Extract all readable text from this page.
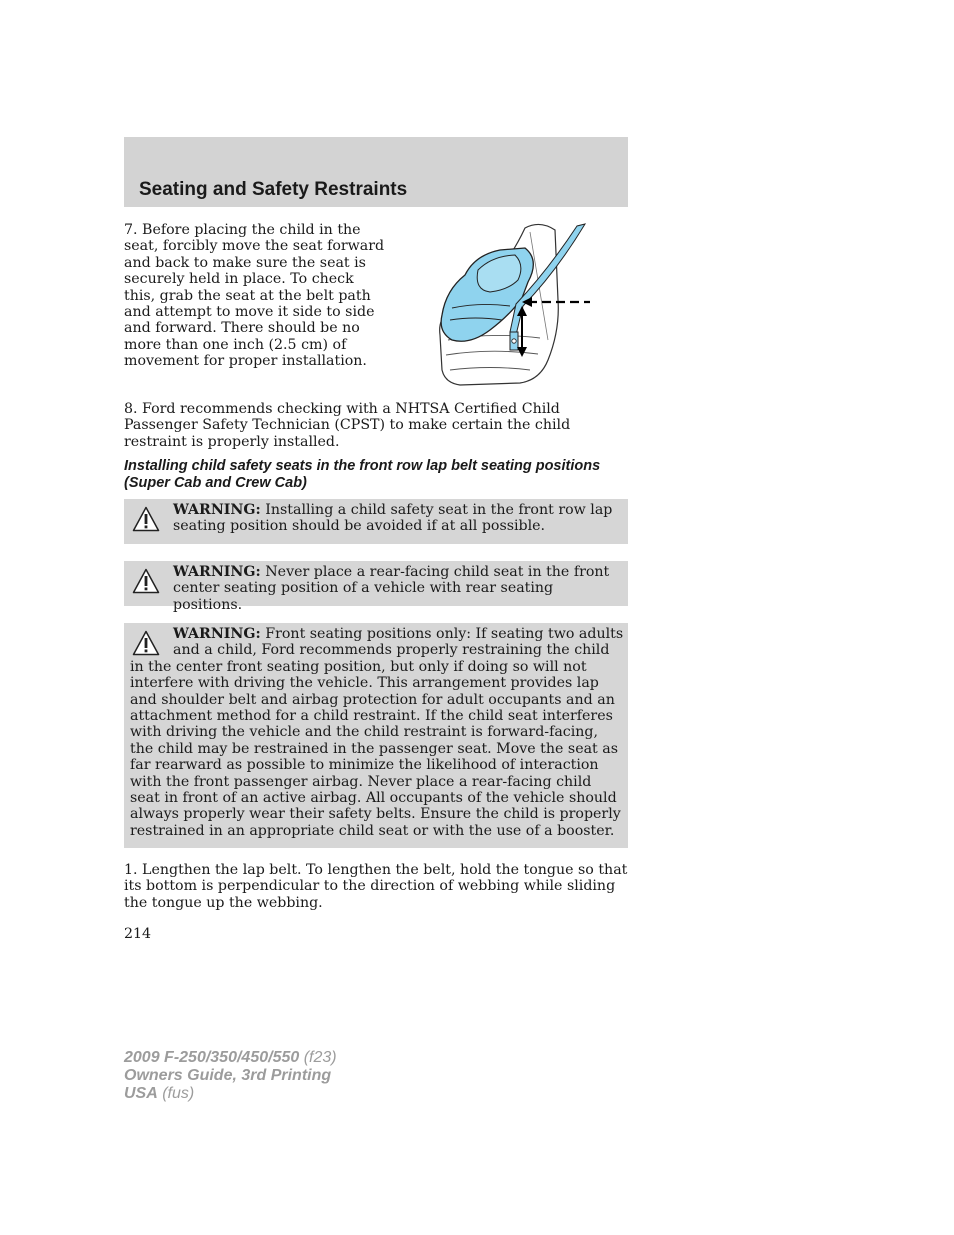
Seating and Safety Restraints

7. Before placing the child in the seat, forcibly move the seat forward and back to make sure the seat is securely held in place. To check this, grab the seat at the belt path and attempt to move it side to side and forward. There should be no more than one inch (2.5 cm) of movement for proper installation.

8. Ford recommends checking with a NHTSA Certified Child Passenger Safety Technician (CPST) to make certain the child restraint is properly installed.

Installing child safety seats in the front row lap belt seating positions (Super Cab and Crew Cab)

WARNING: Installing a child safety seat in the front row lap seating position should be avoided if at all possible.

WARNING: Never place a rear-facing child seat in the front center seating position of a vehicle with rear seating positions.

WARNING: Front seating positions only: If seating two adults and a child, Ford recommends properly restraining the child in the center front seating position, but only if doing so will not interfere with driving the vehicle. This arrangement provides lap and shoulder belt and airbag protection for adult occupants and an attachment method for a child restraint. If the child seat interferes with driving the vehicle and the child restraint is forward-facing, the child may be restrained in the passenger seat. Move the seat as far rearward as possible to minimize the likelihood of interaction with the front passenger airbag. Never place a rear-facing child seat in front of an active airbag. All occupants of the vehicle should always properly wear their safety belts. Ensure the child is properly restrained in an appropriate child seat or with the use of a booster.

1. Lengthen the lap belt. To lengthen the belt, hold the tongue so that its bottom is perpendicular to the direction of webbing while sliding the tongue up the webbing.

214

2009 F-250/350/450/550 (f23)
Owners Guide, 3rd Printing
USA (fus)
